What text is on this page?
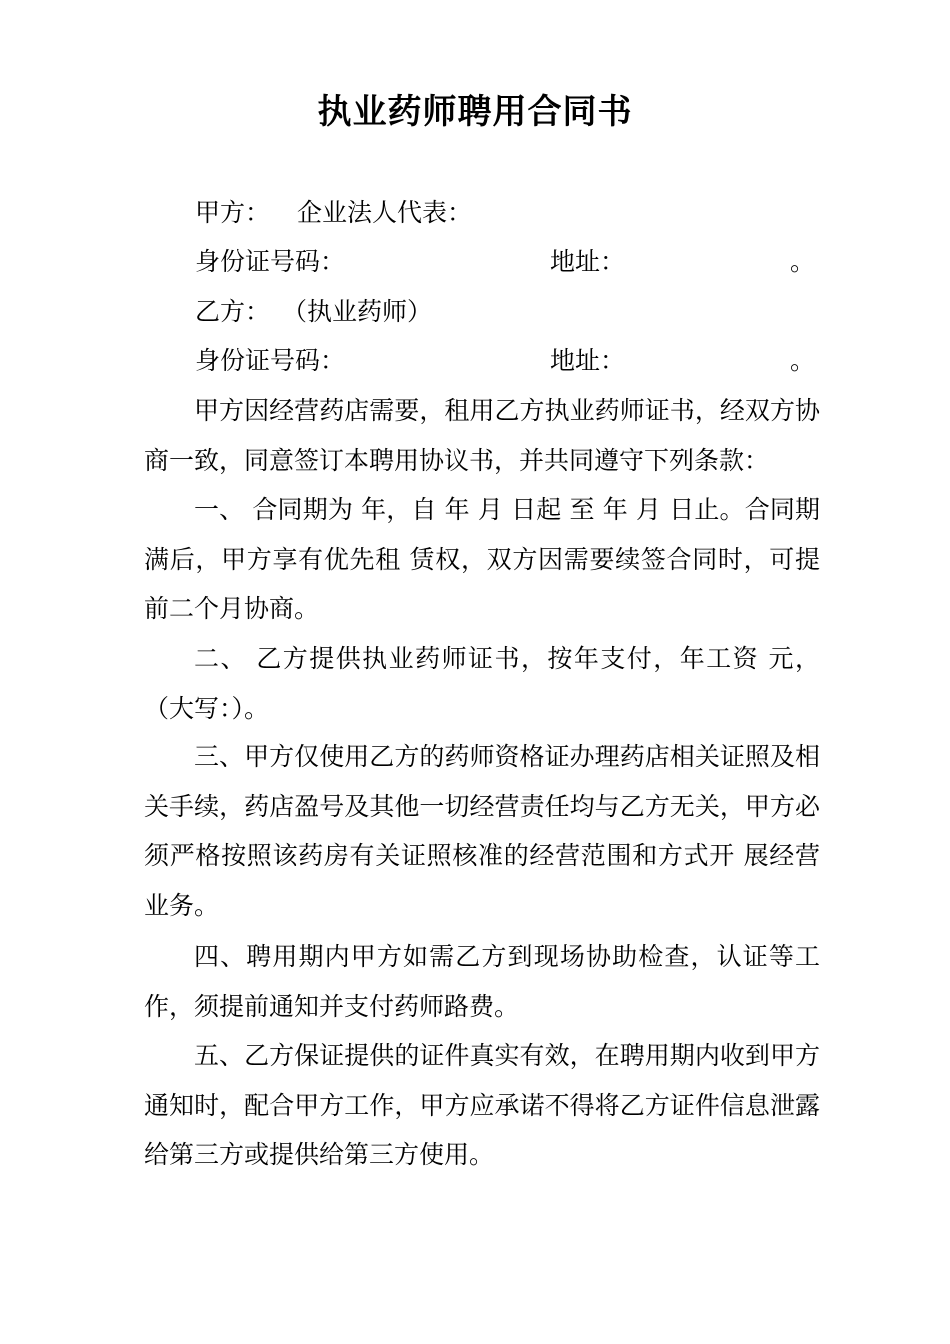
执业药师聘用合同书
甲方： 企业法人代表：
身份证号码：	地址：	。
乙方： （执业药师）
身份证号码：	地址：	。
甲方因经营药店需要，租用乙方执业药师证书，经双方协商一致，同意签订本聘用协议书，并共同遵守下列条款：
一、 合同期为 年，自 年 月 日起 至 年 月 日止。合同期满后，甲方享有优先租 赁权，双方因需要续签合同时，可提前二个月协商。
二、 乙方提供执业药师证书，按年支付，年工资 元，（大写：）。
三、甲方仅使用乙方的药师资格证办理药店相关证照及相关手续，药店盈号及其他一切经营责任均与乙方无关，甲方必须严格按照该药房有关证照核准的经营范围和方式开 展经营业务。
四、聘用期内甲方如需乙方到现场协助检查，认证等工作，须提前通知并支付药师路费。
五、乙方保证提供的证件真实有效，在聘用期内收到甲方通知时，配合甲方工作，甲方应承诺不得将乙方证件信息泄露给第三方或提供给第三方使用。
